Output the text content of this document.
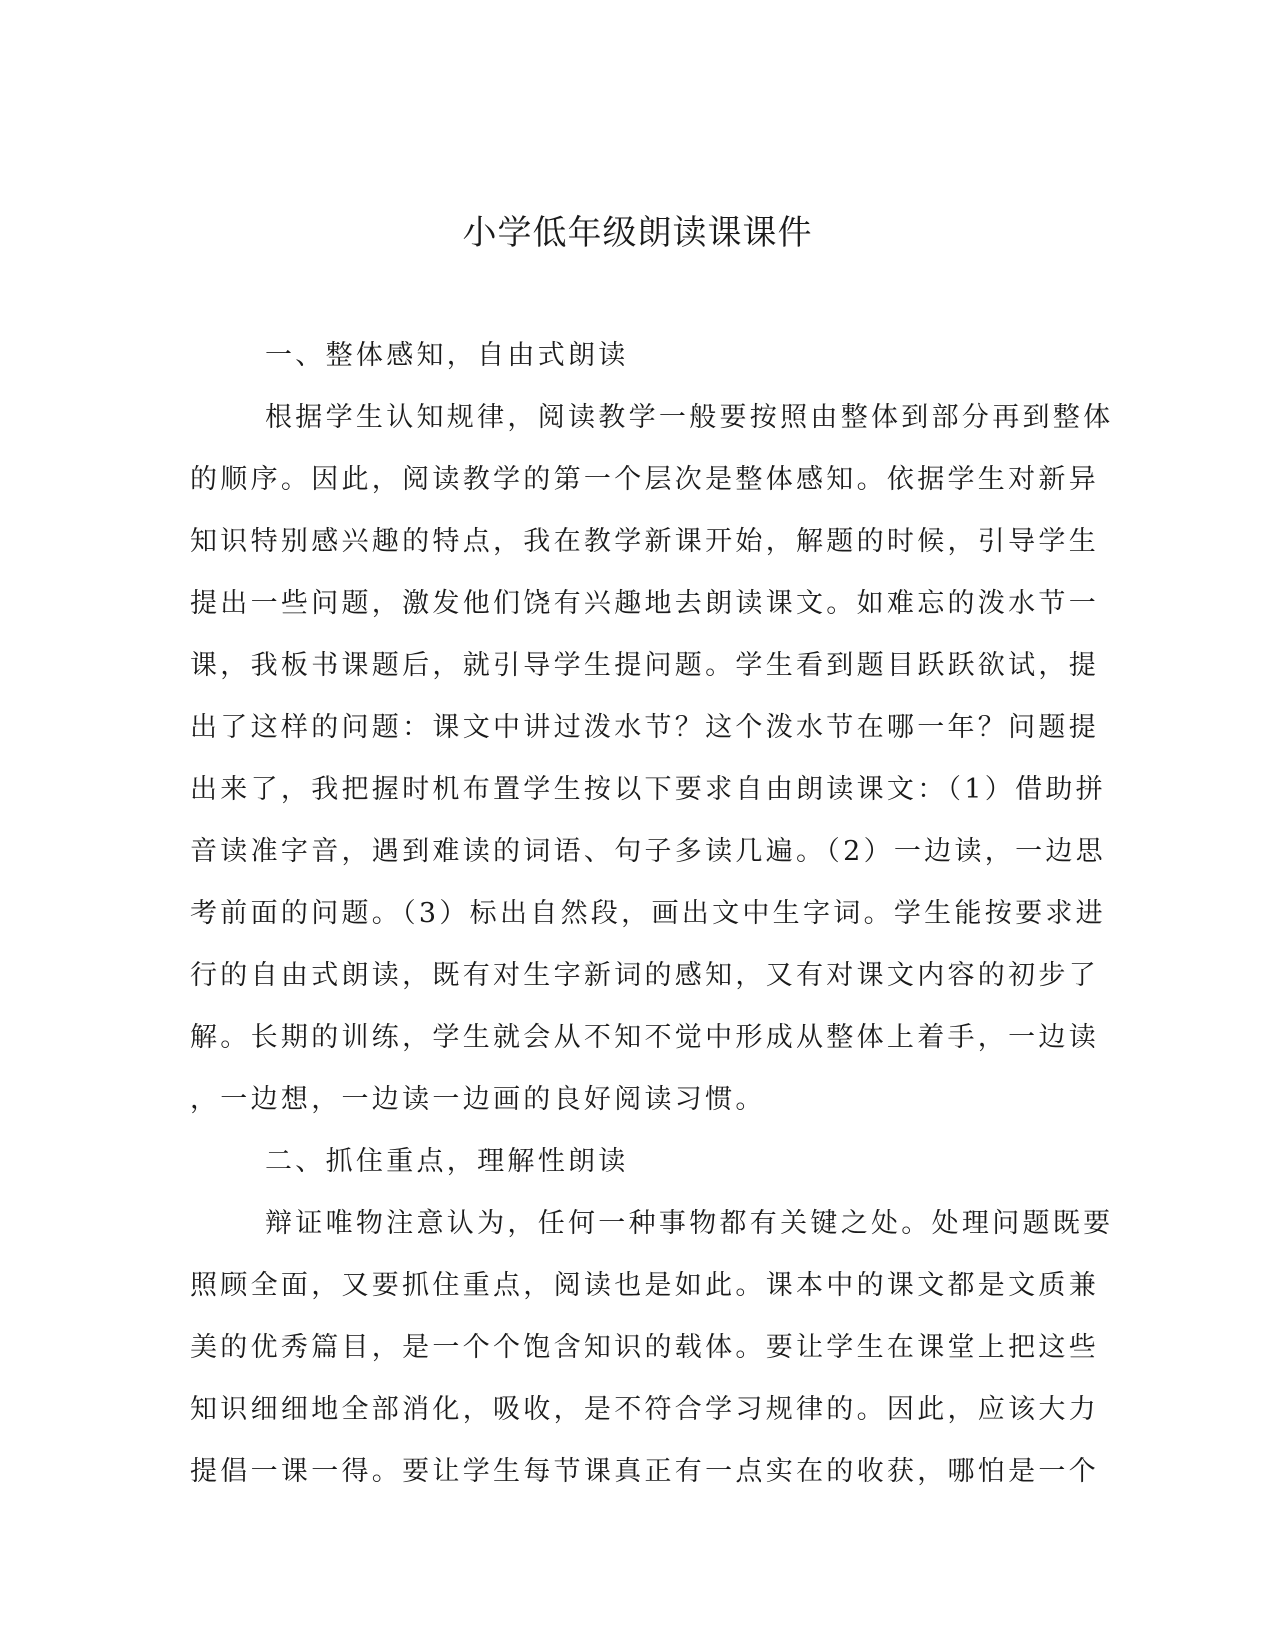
小学低年级朗读课课件
一、整体感知，自由式朗读
根据学生认知规律，阅读教学一般要按照由整体到部分再到整体
的顺序。因此，阅读教学的第一个层次是整体感知。依据学生对新异
知识特别感兴趣的特点，我在教学新课开始，解题的时候，引导学生
提出一些问题，激发他们饶有兴趣地去朗读课文。如难忘的泼水节一
课，我板书课题后，就引导学生提问题。学生看到题目跃跃欲试，提
出了这样的问题：课文中讲过泼水节？这个泼水节在哪一年？问题提
出来了，我把握时机布置学生按以下要求自由朗读课文：（1）借助拼
音读准字音，遇到难读的词语、句子多读几遍。（2）一边读，一边思
考前面的问题。（3）标出自然段，画出文中生字词。学生能按要求进
行的自由式朗读，既有对生字新词的感知，又有对课文内容的初步了
解。长期的训练，学生就会从不知不觉中形成从整体上着手，一边读
，一边想，一边读一边画的良好阅读习惯。
二、抓住重点，理解性朗读
辩证唯物注意认为，任何一种事物都有关键之处。处理问题既要
照顾全面，又要抓住重点，阅读也是如此。课本中的课文都是文质兼
美的优秀篇目，是一个个饱含知识的载体。要让学生在课堂上把这些
知识细细地全部消化，吸收，是不符合学习规律的。因此，应该大力
提倡一课一得。要让学生每节课真正有一点实在的收获，哪怕是一个
